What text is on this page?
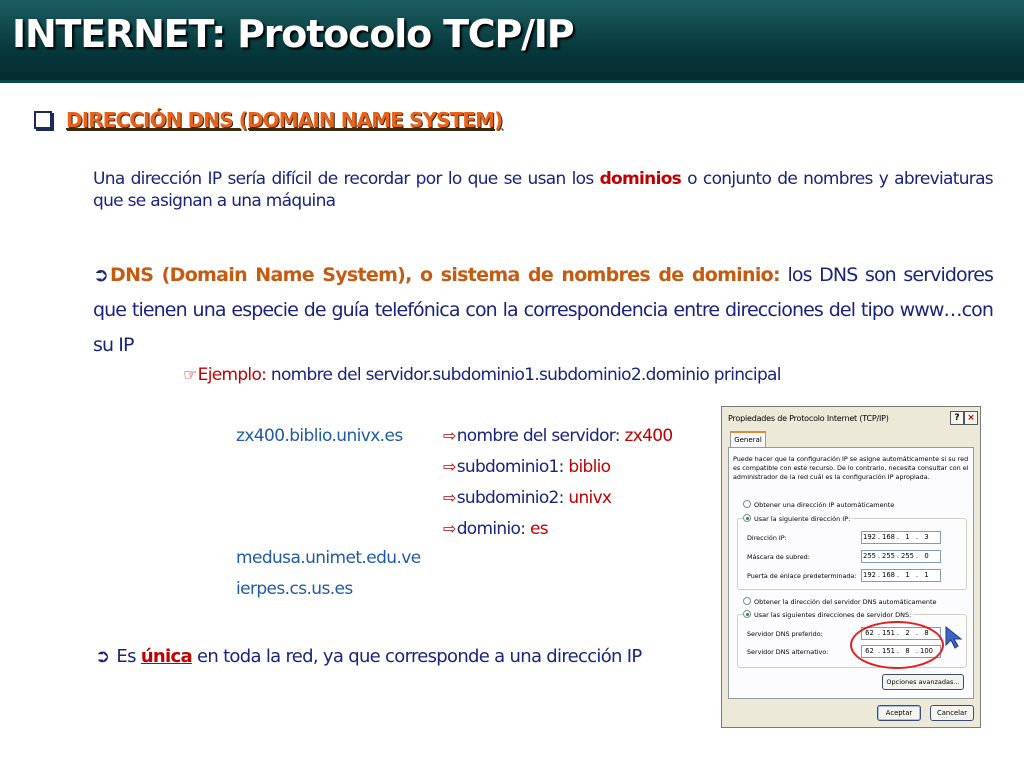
INTERNET: Protocolo TCP/IP
DIRECCIÓN DNS (DOMAIN NAME SYSTEM)
Una dirección IP sería difícil de recordar por lo que se usan los dominios o conjunto de nombres y abreviaturas que se asignan a una máquina
➲ DNS (Domain Name System), o sistema de nombres de dominio: los DNS son servidores que tienen una especie de guía telefónica con la correspondencia entre direcciones del tipo www…con su IP
☞Ejemplo: nombre del servidor.subdominio1.subdominio2.dominio principal
zx400.biblio.univx.es
medusa.unimet.edu.ve
ierpes.cs.us.es
⇨nombre del servidor: zx400
⇨subdominio1: biblio
⇨subdominio2: univx
⇨dominio: es
➲ Es única en toda la red, ya que corresponde a una dirección IP
Propiedades de Protocolo Internet (TCP/IP)	? ×
General
Puede hacer que la configuración IP se asigne automáticamente si su red es compatible con este recurso. De lo contrario, necesita consultar con el administrador de la red cuál es la configuración IP apropiada.
Obtener una dirección IP automáticamente
Usar la siguiente dirección IP:
Dirección IP:	192 . 168 . 1 . 3
Máscara de subred:	255 . 255 . 255 . 0
Puerta de enlace predeterminada: 192 . 168 . 1 . 1
Obtener la dirección del servidor DNS automáticamente
Usar las siguientes direcciones de servidor DNS:
Servidor DNS preferido:	62 . 151 . 2 . 8
Servidor DNS alternativo:	62 . 151 . 8 . 100
Opciones avanzadas...
Aceptar	Cancelar
